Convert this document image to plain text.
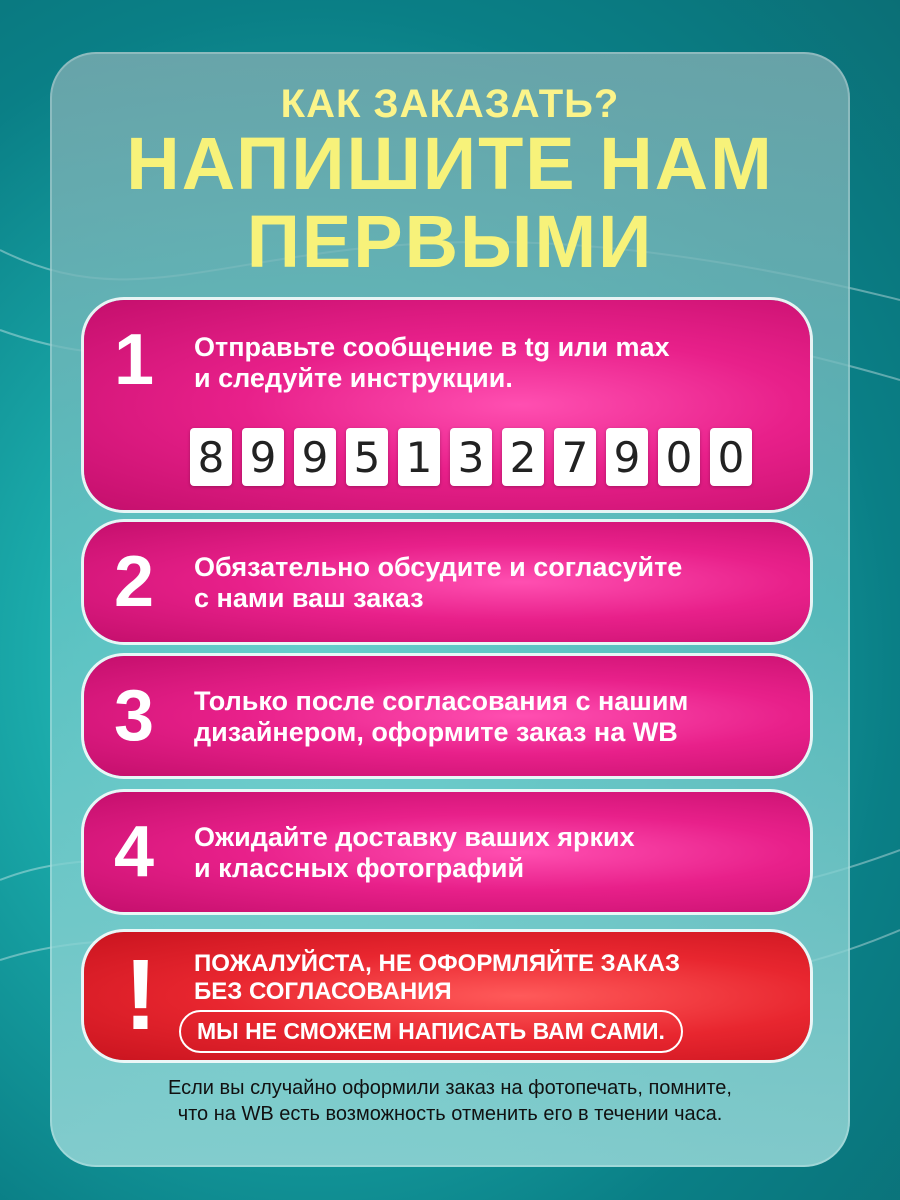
КАК ЗАКАЗАТЬ?
НАПИШИТЕ НАМ
ПЕРВЫМИ
1 Отправьте сообщение в tg или max
и следуйте инструкции.
8 9 9 5 1 3 2 7 9 0 0
2 Обязательно обсудите и согласуйте
с нами ваш заказ
3 Только после согласования с нашим
дизайнером, оформите заказ на WB
4 Ожидайте доставку ваших ярких
и классных фотографий
! ПОЖАЛУЙСТА, НЕ ОФОРМЛЯЙТЕ ЗАКАЗ
БЕЗ СОГЛАСОВАНИЯ
МЫ НЕ СМОЖЕМ НАПИСАТЬ ВАМ САМИ.
Если вы случайно оформили заказ на фотопечать, помните,
что на WB есть возможность отменить его в течении часа.
